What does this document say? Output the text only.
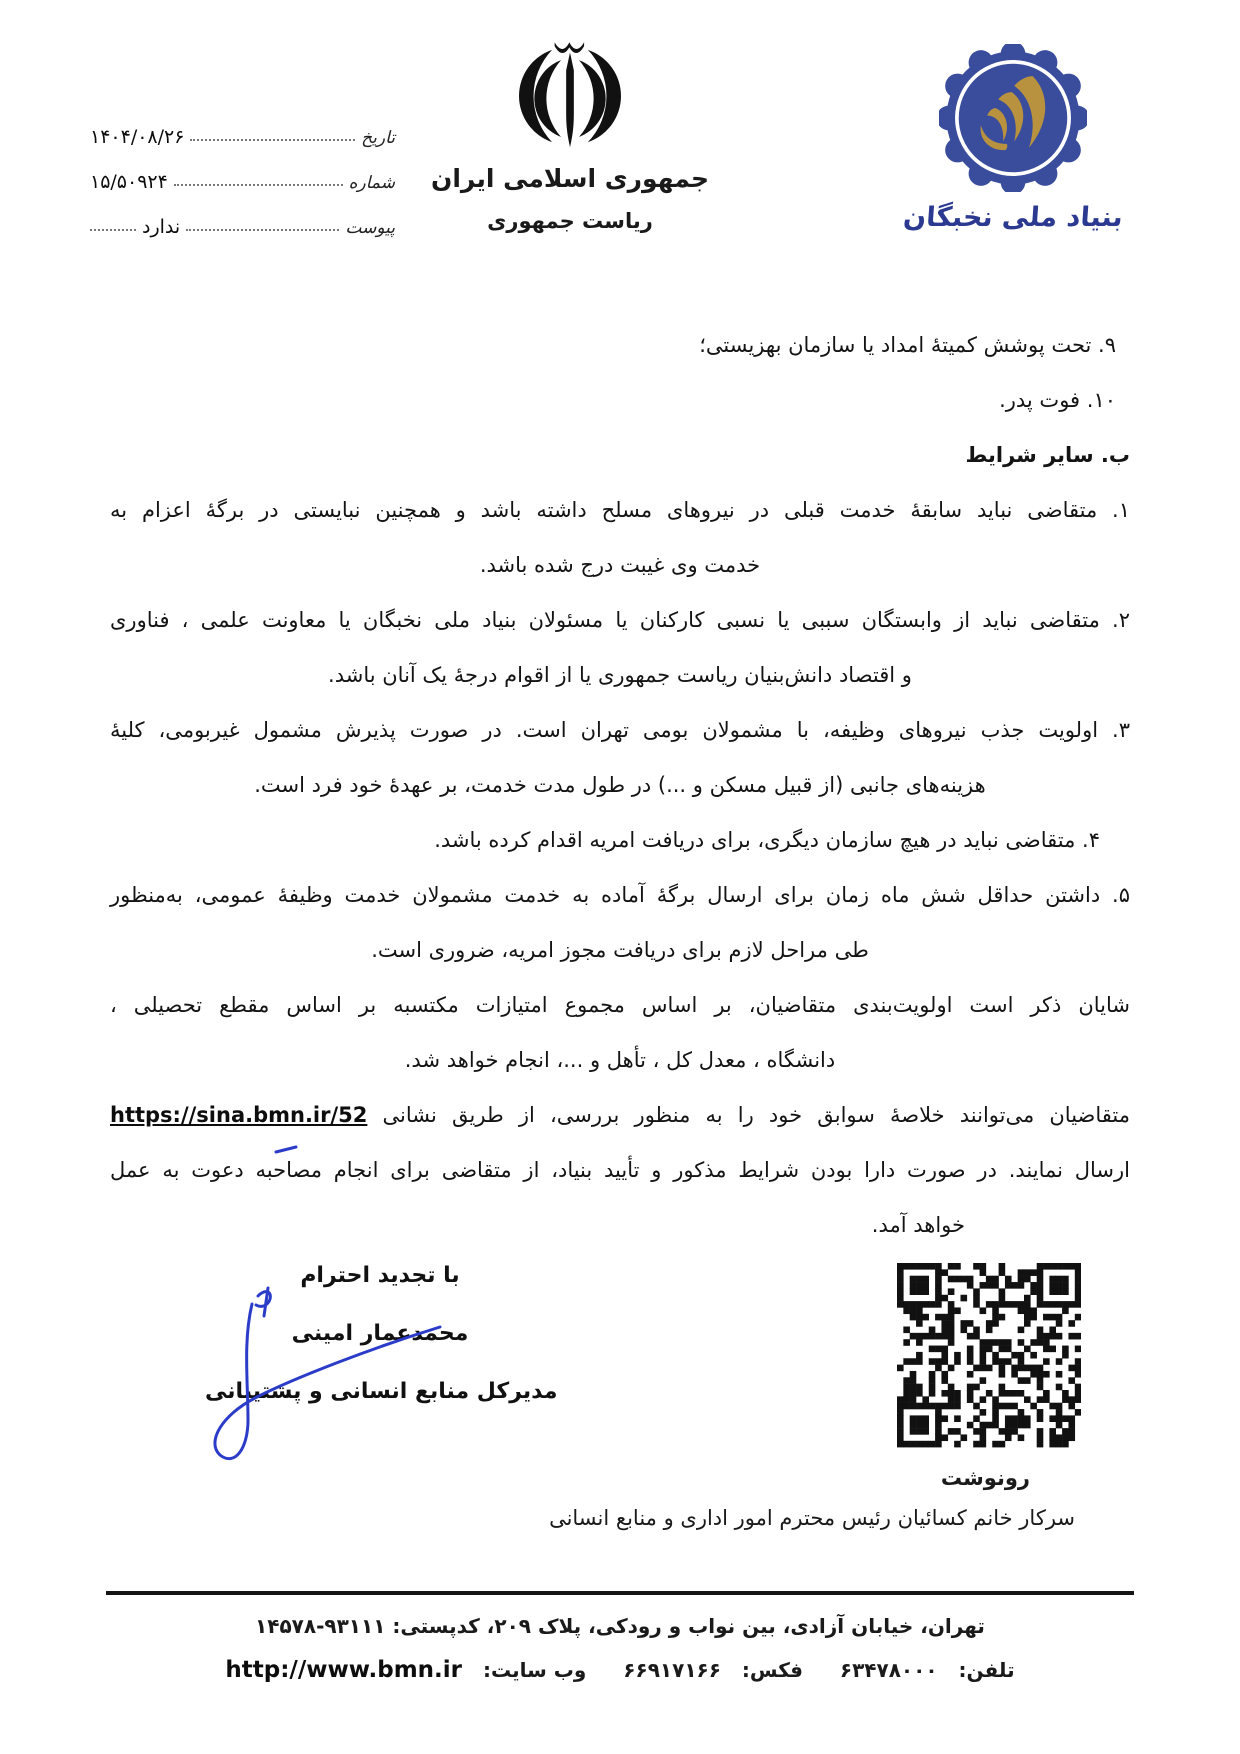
تاریخ
۱۴۰۴/۰۸/۲۶
شماره
۱۵/۵۰۹۲۴
پیوست
ندارد
جمهوری اسلامی ایران
ریاست جمهوری	بنیاد ملی نخبگان
۹. تحت پوشش کمیتۀ امداد یا سازمان بهزیستی؛
۱۰. فوت پدر.
ب. سایر شرایط
۱. متقاضی نباید سابقۀ خدمت قبلی در نیروهای مسلح داشته باشد و همچنین نبایستی در برگۀ اعزام به
خدمت وی غیبت درج شده باشد.
۲. متقاضی نباید از وابستگان سببی یا نسبی کارکنان یا مسئولان بنیاد ملی نخبگان یا معاونت علمی ، فناوری
و اقتصاد دانش‌بنیان ریاست جمهوری یا از اقوام درجۀ یک آنان باشد.
۳. اولویت جذب نیروهای وظیفه، با مشمولان بومی تهران است. در صورت پذیرش مشمول غیربومی، کلیۀ
هزینه‌های جانبی (از قبیل مسکن و ...) در طول مدت خدمت، بر عهدۀ خود فرد است.
۴. متقاضی نباید در هیچ سازمان دیگری، برای دریافت امریه اقدام کرده باشد.
۵. داشتن حداقل شش ماه زمان برای ارسال برگۀ آماده به خدمت مشمولان خدمت وظیفۀ عمومی، به‌منظور
طی مراحل لازم برای دریافت مجوز امریه، ضروری است.
شایان ذکر است اولویت‌بندی متقاضیان، بر اساس مجموع امتیازات مکتسبه بر اساس مقطع تحصیلی ،
دانشگاه ، معدل کل ، تأهل و ...، انجام خواهد شد.
متقاضیان می‌توانند خلاصۀ سوابق خود را به منظور بررسی، از طریق نشانی https://sina.bmn.ir/52
ارسال نمایند. در صورت دارا بودن شرایط مذکور و تأیید بنیاد، از متقاضی برای انجام مصاحبه دعوت به عمل
خواهد آمد.
با تجدید احترام
محمدعمار امینی
مدیرکل منابع انسانی و پشتیبانی
رونوشت
سرکار خانم کسائیان رئیس محترم امور اداری و منابع انسانی
تهران، خیابان آزادی، بین نواب و رودکی، پلاک ۲۰۹، کدپستی: ۱۴۵۷۸-۹۳۱۱۱
تلفن: ۶۳۴۷۸۰۰۰ فکس: ۶۶۹۱۷۱۶۶ وب سایت: http://www.bmn.ir
